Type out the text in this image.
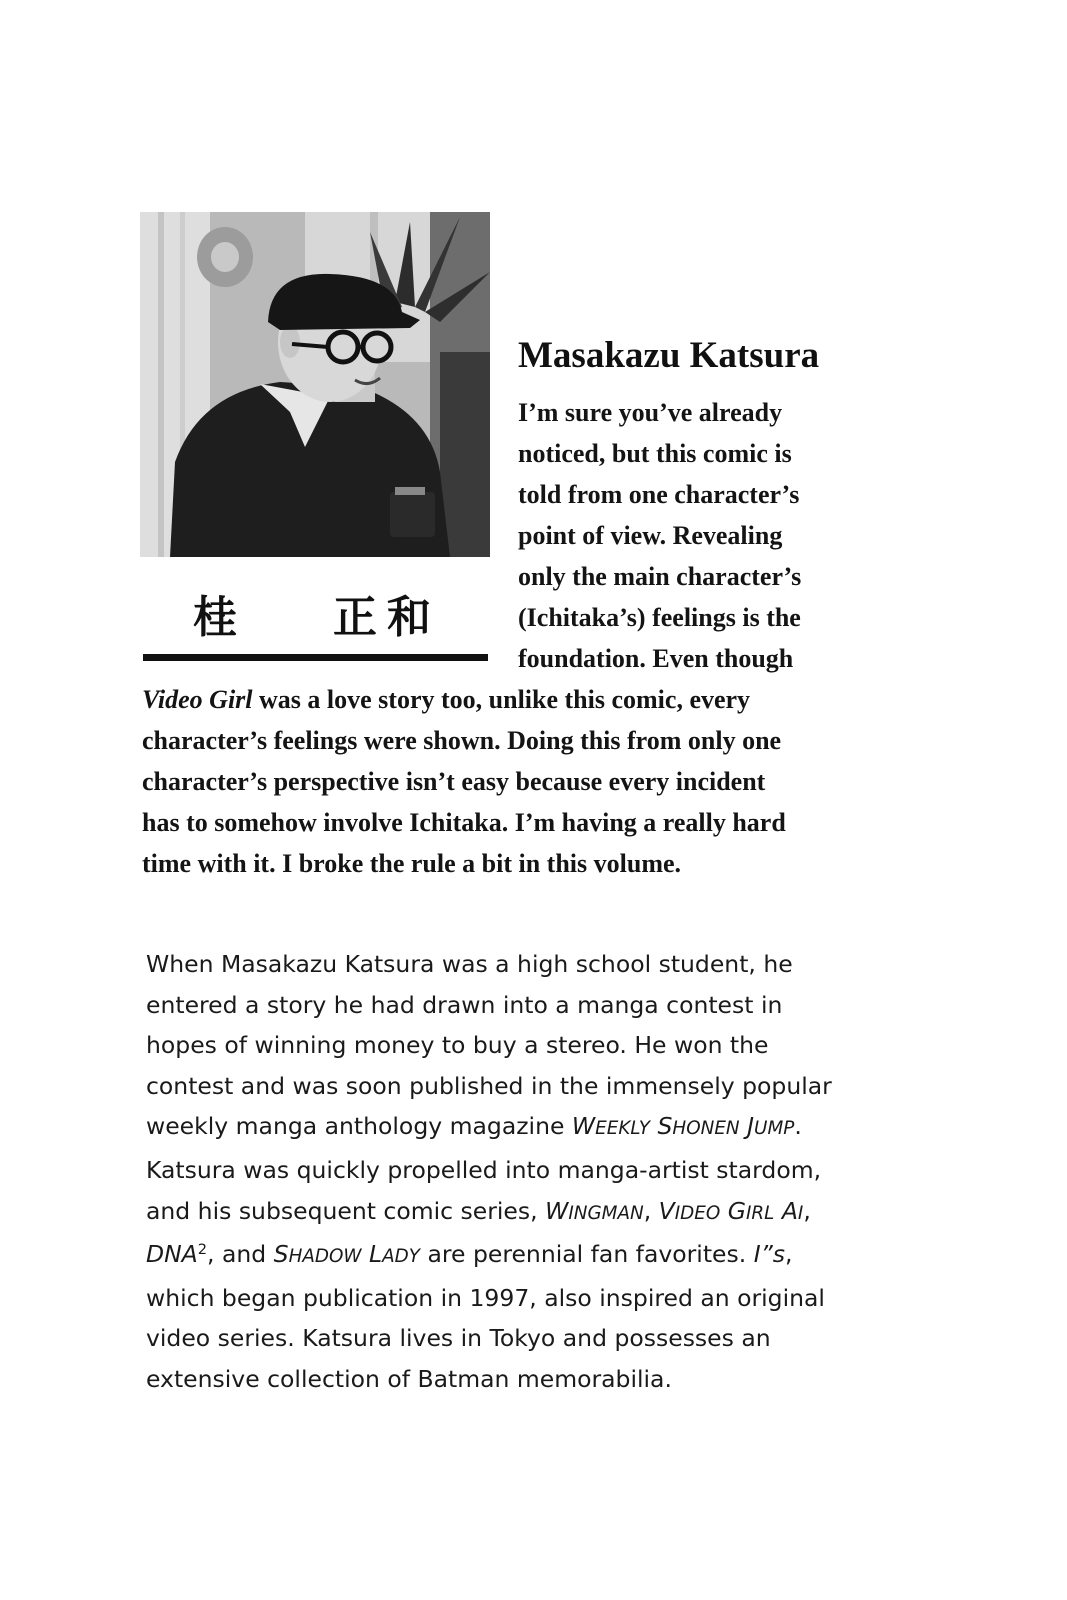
桂 正和
Masakazu Katsura

I’m sure you’ve already
noticed, but this comic is
told from one character’s
point of view. Revealing
only the main character’s
(Ichitaka’s) feelings is the
foundation. Even though

Video Girl was a love story too, unlike this comic, every
character’s feelings were shown. Doing this from only one
character’s perspective isn’t easy because every incident
has to somehow involve Ichitaka. I’m having a really hard
time with it. I broke the rule a bit in this volume.

When Masakazu Katsura was a high school student, he
entered a story he had drawn into a manga contest in
hopes of winning money to buy a stereo. He won the
contest and was soon published in the immensely popular
weekly manga anthology magazine WEEKLY SHONEN JUMP.
Katsura was quickly propelled into manga-artist stardom,
and his subsequent comic series, WINGMAN, VIDEO GIRL AI,
DNA$^2$, and SHADOW LADY are perennial fan favorites. I”s,
which began publication in 1997, also inspired an original
video series. Katsura lives in Tokyo and possesses an
extensive collection of Batman memorabilia.
